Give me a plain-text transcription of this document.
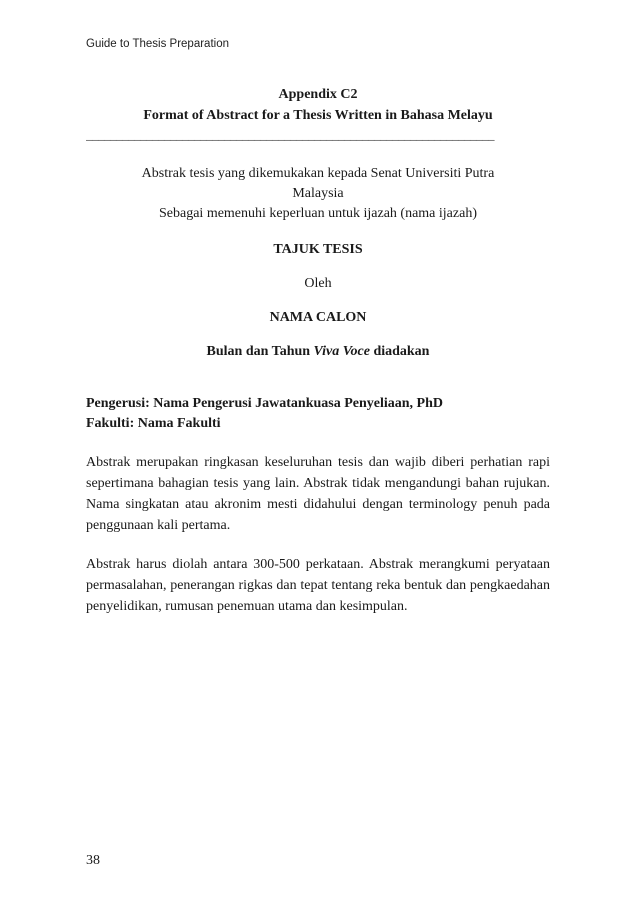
Guide to Thesis Preparation

Appendix C2

Format of Abstract for a Thesis Written in Bahasa Melayu

____________________________________________________________________
Abstrak tesis yang dikemukakan kepada Senat Universiti Putra
Malaysia
Sebagai memenuhi keperluan untuk ijazah (nama ijazah)
TAJUK TESIS
Oleh
NAMA CALON
Bulan dan Tahun Viva Voce diadakan
Pengerusi: Nama Pengerusi Jawatankuasa Penyeliaan, PhD
Fakulti: Nama Fakulti

Abstrak merupakan ringkasan keseluruhan tesis dan wajib diberi perhatian rapi sepertimana bahagian tesis yang lain. Abstrak tidak mengandungi bahan rujukan. Nama singkatan atau akronim mesti didahului dengan terminology penuh pada penggunaan kali pertama.

Abstrak harus diolah antara 300-500 perkataan. Abstrak merangkumi peryataan permasalahan, penerangan rigkas dan tepat tentang reka bentuk dan pengkaedahan penyelidikan, rumusan penemuan utama dan kesimpulan.

38
